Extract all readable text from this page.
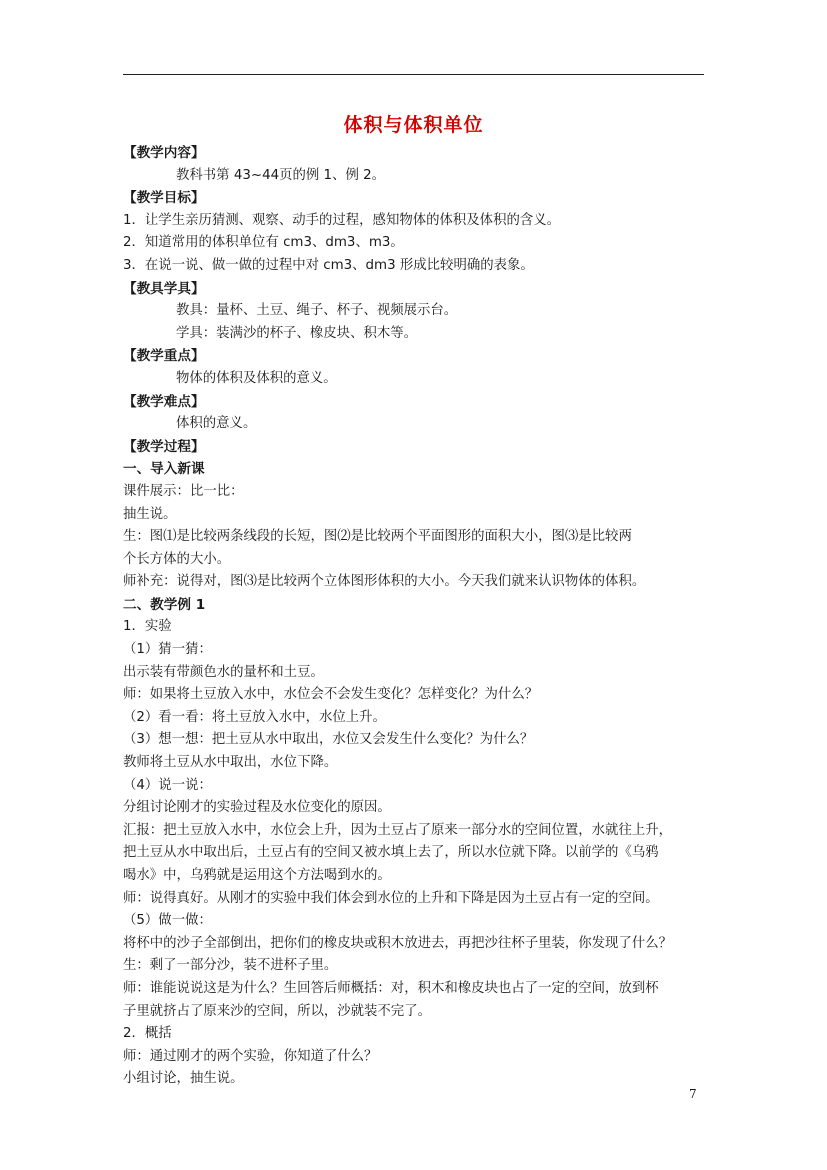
体积与体积单位
【教学内容】
教科书第 43~44页的例 1、例 2。
【教学目标】
1．让学生亲历猜测、观察、动手的过程，感知物体的体积及体积的含义。
2．知道常用的体积单位有 cm3、dm3、m3。
3．在说一说、做一做的过程中对 cm3、dm3 形成比较明确的表象。
【教具学具】
教具：量杯、土豆、绳子、杯子、视频展示台。
学具：装满沙的杯子、橡皮块、积木等。
【教学重点】
物体的体积及体积的意义。
【教学难点】
体积的意义。
【教学过程】
一、导入新课
课件展示：比一比：
抽生说。
生：图⑴是比较两条线段的长短，图⑵是比较两个平面图形的面积大小，图⑶是比较两
个长方体的大小。
师补充：说得对，图⑶是比较两个立体图形体积的大小。今天我们就来认识物体的体积。
二、教学例 1
1．实验
（1）猜一猜：
出示装有带颜色水的量杯和土豆。
师：如果将土豆放入水中，水位会不会发生变化？怎样变化？为什么？
（2）看一看：将土豆放入水中，水位上升。
（3）想一想：把土豆从水中取出，水位又会发生什么变化？为什么？
教师将土豆从水中取出，水位下降。
（4）说一说：
分组讨论刚才的实验过程及水位变化的原因。
汇报：把土豆放入水中，水位会上升，因为土豆占了原来一部分水的空间位置，水就往上升，
把土豆从水中取出后，土豆占有的空间又被水填上去了，所以水位就下降。以前学的《乌鸦
喝水》中，乌鸦就是运用这个方法喝到水的。
师：说得真好。从刚才的实验中我们体会到水位的上升和下降是因为土豆占有一定的空间。
（5）做一做：
将杯中的沙子全部倒出，把你们的橡皮块或积木放进去，再把沙往杯子里装，你发现了什么？
生：剩了一部分沙，装不进杯子里。
师：谁能说说这是为什么？生回答后师概括：对，积木和橡皮块也占了一定的空间，放到杯
子里就挤占了原来沙的空间，所以，沙就装不完了。
2．概括
师：通过刚才的两个实验，你知道了什么？
小组讨论，抽生说。
7
